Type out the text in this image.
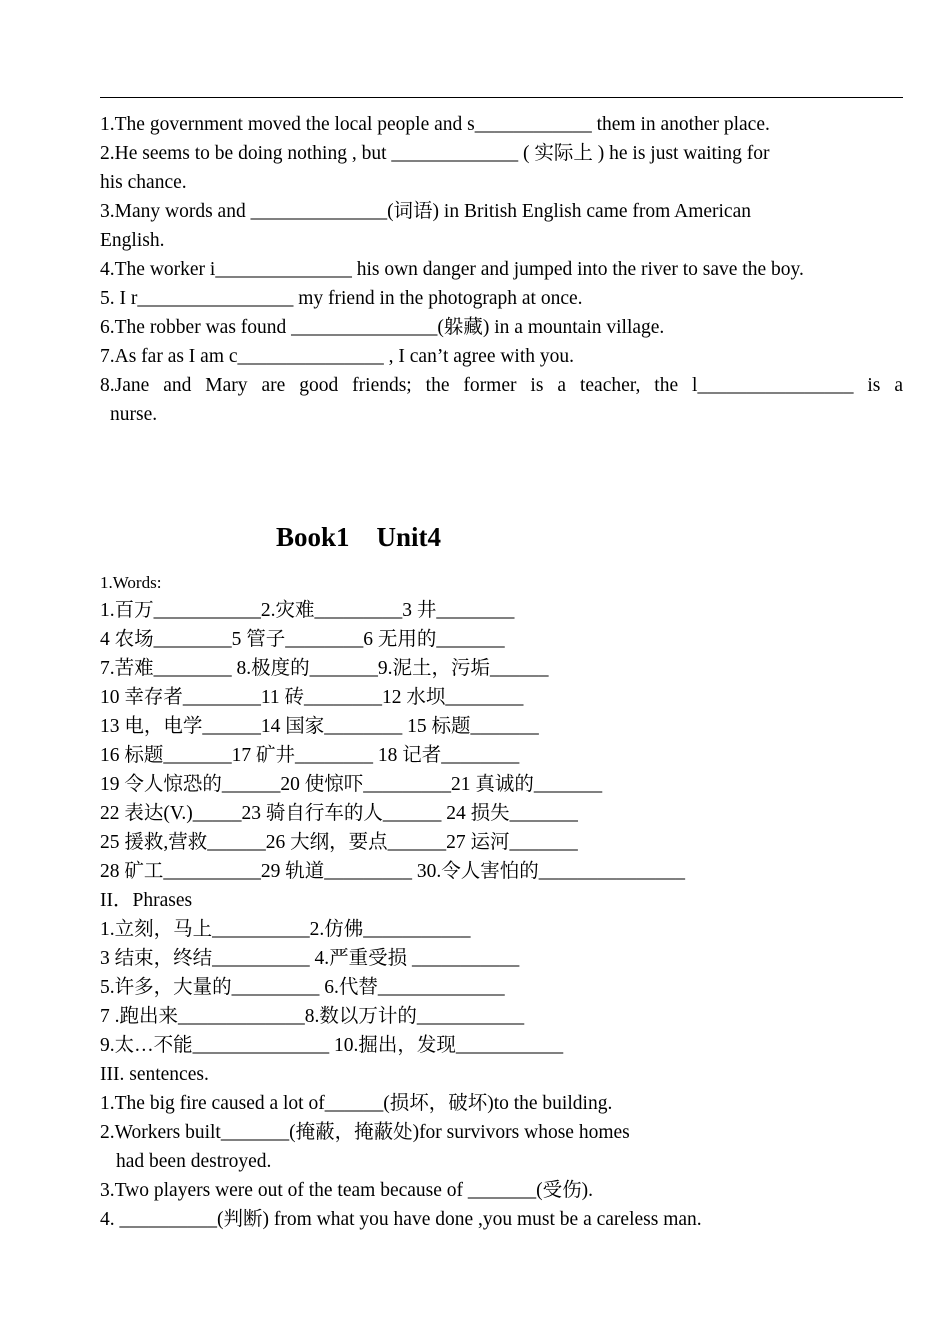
1.The government moved the local people and s____________ them in another place.
2.He seems to be doing nothing , but _____________ ( 实际上 ) he is just waiting for
his chance.
3.Many words and ______________(词语) in British English came from American
English.
4.The worker i______________ his own danger and jumped into the river to save the boy.
5. I r________________ my friend in the photograph at once.
6.The robber was found _______________(躲藏) in a mountain village.
7.As far as I am c_______________ , I can’t agree with you.
8.Jane and Mary are good friends; the former is a teacher, the l________________ is a
nurse.
Book1    Unit4
1.Words:
1.百万___________2.灾难_________3 井________
4 农场________5 管子________6 无用的_______
7.苦难________ 8.极度的_______9.泥土，污垢______
10 幸存者________11 砖________12 水坝________
13 电，电学______14 国家________ 15 标题_______
16 标题_______17 矿井________ 18 记者________
19 令人惊恐的______20 使惊吓_________21 真诚的_______
22 表达(V.)_____23 骑自行车的人______ 24 损失_______
25 援救,营救______26 大纲，要点______27 运河_______
28 矿工__________29 轨道_________ 30.令人害怕的_______________
II．Phrases
1.立刻，马上__________2.仿佛___________
3 结束，终结__________ 4.严重受损 ___________
5.许多，大量的_________ 6.代替_____________
7 .跑出来_____________8.数以万计的___________
9.太…不能______________ 10.掘出，发现___________
III. sentences.
1.The big fire caused a lot of______(损坏，破坏)to the building.
2.Workers built_______(掩蔽，掩蔽处)for survivors whose homes
had been destroyed.
3.Two players were out of the team because of _______(受伤).
4. __________(判断) from what you have done ,you must be a careless man.
